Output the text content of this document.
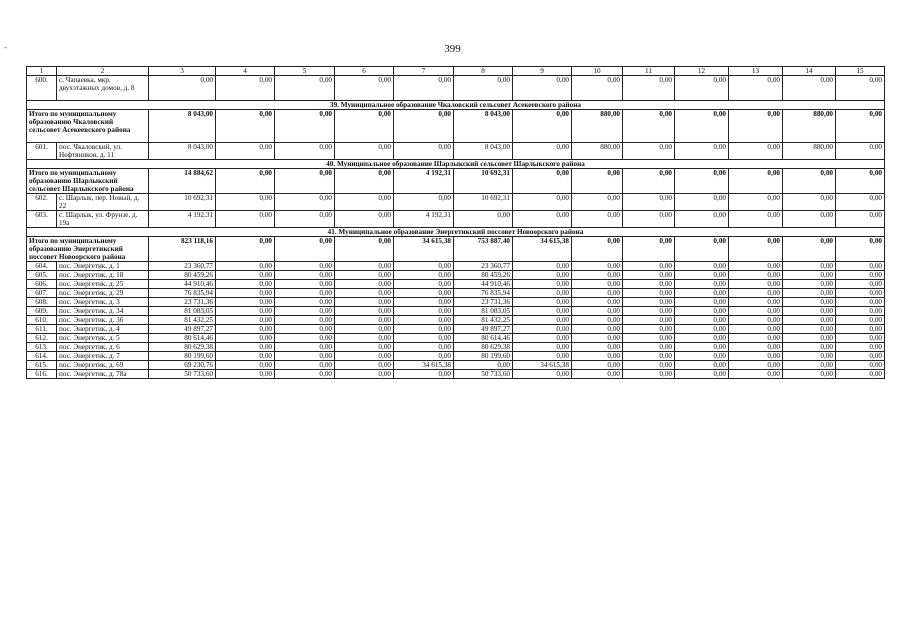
-	399
1	2	3	4	5	6	7	8	9	10	11	12	13	14	15
600.	с. Чапаевка, мкр. двухэтажных домов, д. 8	0,00	0,00	0,00	0,00	0,00	0,00	0,00	0,00	0,00	0,00	0,00	0,00	0,00
39. Муниципальное образование Чкаловский сельсовет Асекеевского района														
Итого по муниципальному образованию Чкаловский сельсовет Асекеевского района		8 043,00	0,00	0,00	0,00	0,00	8 043,00	0,00	880,00	0,00	0,00	0,00	880,00	0,00
601.	пос. Чкаловский, ул. Нефтяников, д. 11	8 043,00	0,00	0,00	0,00	0,00	8 043,00	0,00	880,00	0,00	0,00	0,00	880,00	0,00
40. Муниципальное образование Шарлыкский сельсовет Шарлыкского района														
Итого по муниципальному образованию Шарлыкский сельсовет Шарлыкского района		14 884,62	0,00	0,00	0,00	4 192,31	10 692,31	0,00	0,00	0,00	0,00	0,00	0,00	0,00
602.	с. Шарлык, пер. Новый, д. 22	10 692,31	0,00	0,00	0,00	0,00	10 692,31	0,00	0,00	0,00	0,00	0,00	0,00	0,00
603.	с. Шарлык, ул. Фрунзе, д. 19а	4 192,31	0,00	0,00	0,00	4 192,31	0,00	0,00	0,00	0,00	0,00	0,00	0,00	0,00
41. Муниципальное образование Энергетикский поссовет Новоорского района														
Итого по муниципальному образованию Энергетикский поссовет Новоорского района		823 118,16	0,00	0,00	0,00	34 615,38	753 887,40	34 615,38	0,00	0,00	0,00	0,00	0,00	0,00
604.	пос. Энергетик, д. 1	23 360,77	0,00	0,00	0,00	0,00	23 360,77	0,00	0,00	0,00	0,00	0,00	0,00	0,00
605.	пос. Энергетик, д. 18	80 459,26	0,00	0,00	0,00	0,00	80 459,26	0,00	0,00	0,00	0,00	0,00	0,00	0,00
606.	пос. Энергетик, д. 25	44 910,46	0,00	0,00	0,00	0,00	44 910,46	0,00	0,00	0,00	0,00	0,00	0,00	0,00
607.	пос. Энергетик, д. 29	76 835,94	0,00	0,00	0,00	0,00	76 835,94	0,00	0,00	0,00	0,00	0,00	0,00	0,00
608.	пос. Энергетик, д. 3	23 731,36	0,00	0,00	0,00	0,00	23 731,36	0,00	0,00	0,00	0,00	0,00	0,00	0,00
609.	пос. Энергетик, д. 34	81 083,05	0,00	0,00	0,00	0,00	81 083,05	0,00	0,00	0,00	0,00	0,00	0,00	0,00
610.	пос. Энергетик, д. 36	81 432,25	0,00	0,00	0,00	0,00	81 432,25	0,00	0,00	0,00	0,00	0,00	0,00	0,00
611.	пос. Энергетик, д. 4	49 897,27	0,00	0,00	0,00	0,00	49 897,27	0,00	0,00	0,00	0,00	0,00	0,00	0,00
612.	пос. Энергетик, д. 5	80 614,46	0,00	0,00	0,00	0,00	80 614,46	0,00	0,00	0,00	0,00	0,00	0,00	0,00
613.	пос. Энергетик, д. 6	80 629,38	0,00	0,00	0,00	0,00	80 629,38	0,00	0,00	0,00	0,00	0,00	0,00	0,00
614.	пос. Энергетик, д. 7	80 199,60	0,00	0,00	0,00	0,00	80 199,60	0,00	0,00	0,00	0,00	0,00	0,00	0,00
615.	пос. Энергетик, д. 69	69 230,76	0,00	0,00	0,00	34 615,38	0,00	34 615,38	0,00	0,00	0,00	0,00	0,00	0,00
616.	пос. Энергетик, д. 78а	50 733,60	0,00	0,00	0,00	0,00	50 733,60	0,00	0,00	0,00	0,00	0,00	0,00	0,00
